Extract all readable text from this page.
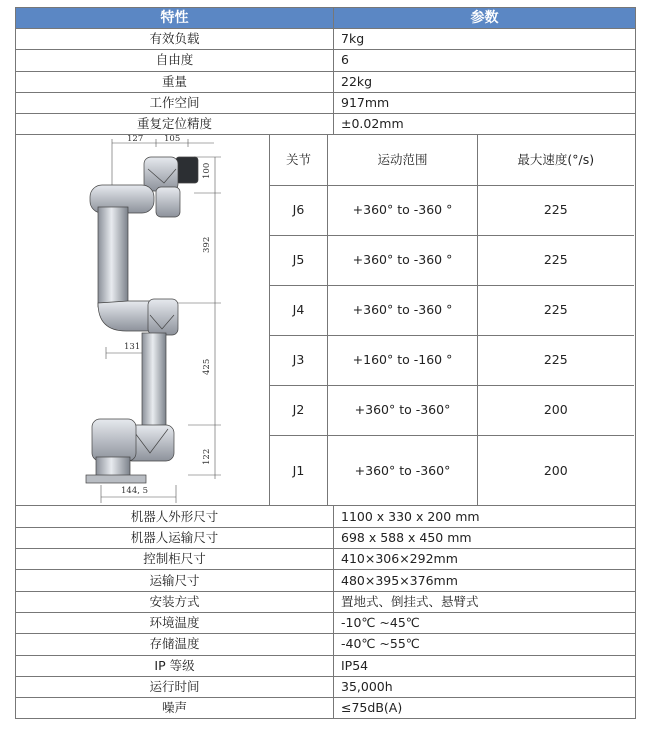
特性	参数
有效负载	7kg
自由度	6
重量	22kg
工作空间	917mm
重复定位精度	±0.02mm

127 105
100
392
131
425
122
144, 5
关节	运动范围	最大速度(°/s)
J6	+360° to -360 °	225
J5	+360° to -360 °	225
J4	+360° to -360 °	225
J3	+160° to -160 °	225
J2	+360° to -360°	200
J1	+360° to -360°	200

机器人外形尺寸	1100 x 330 x 200 mm
机器人运输尺寸	698 x 588 x 450 mm
控制柜尺寸	410×306×292mm
运输尺寸	480×395×376mm
安装方式	置地式、倒挂式、悬臂式
环境温度	-10℃ ~45℃
存储温度	-40℃ ~55℃
IP 等级	IP54
运行时间	35,000h
噪声	≤75dB(A)
